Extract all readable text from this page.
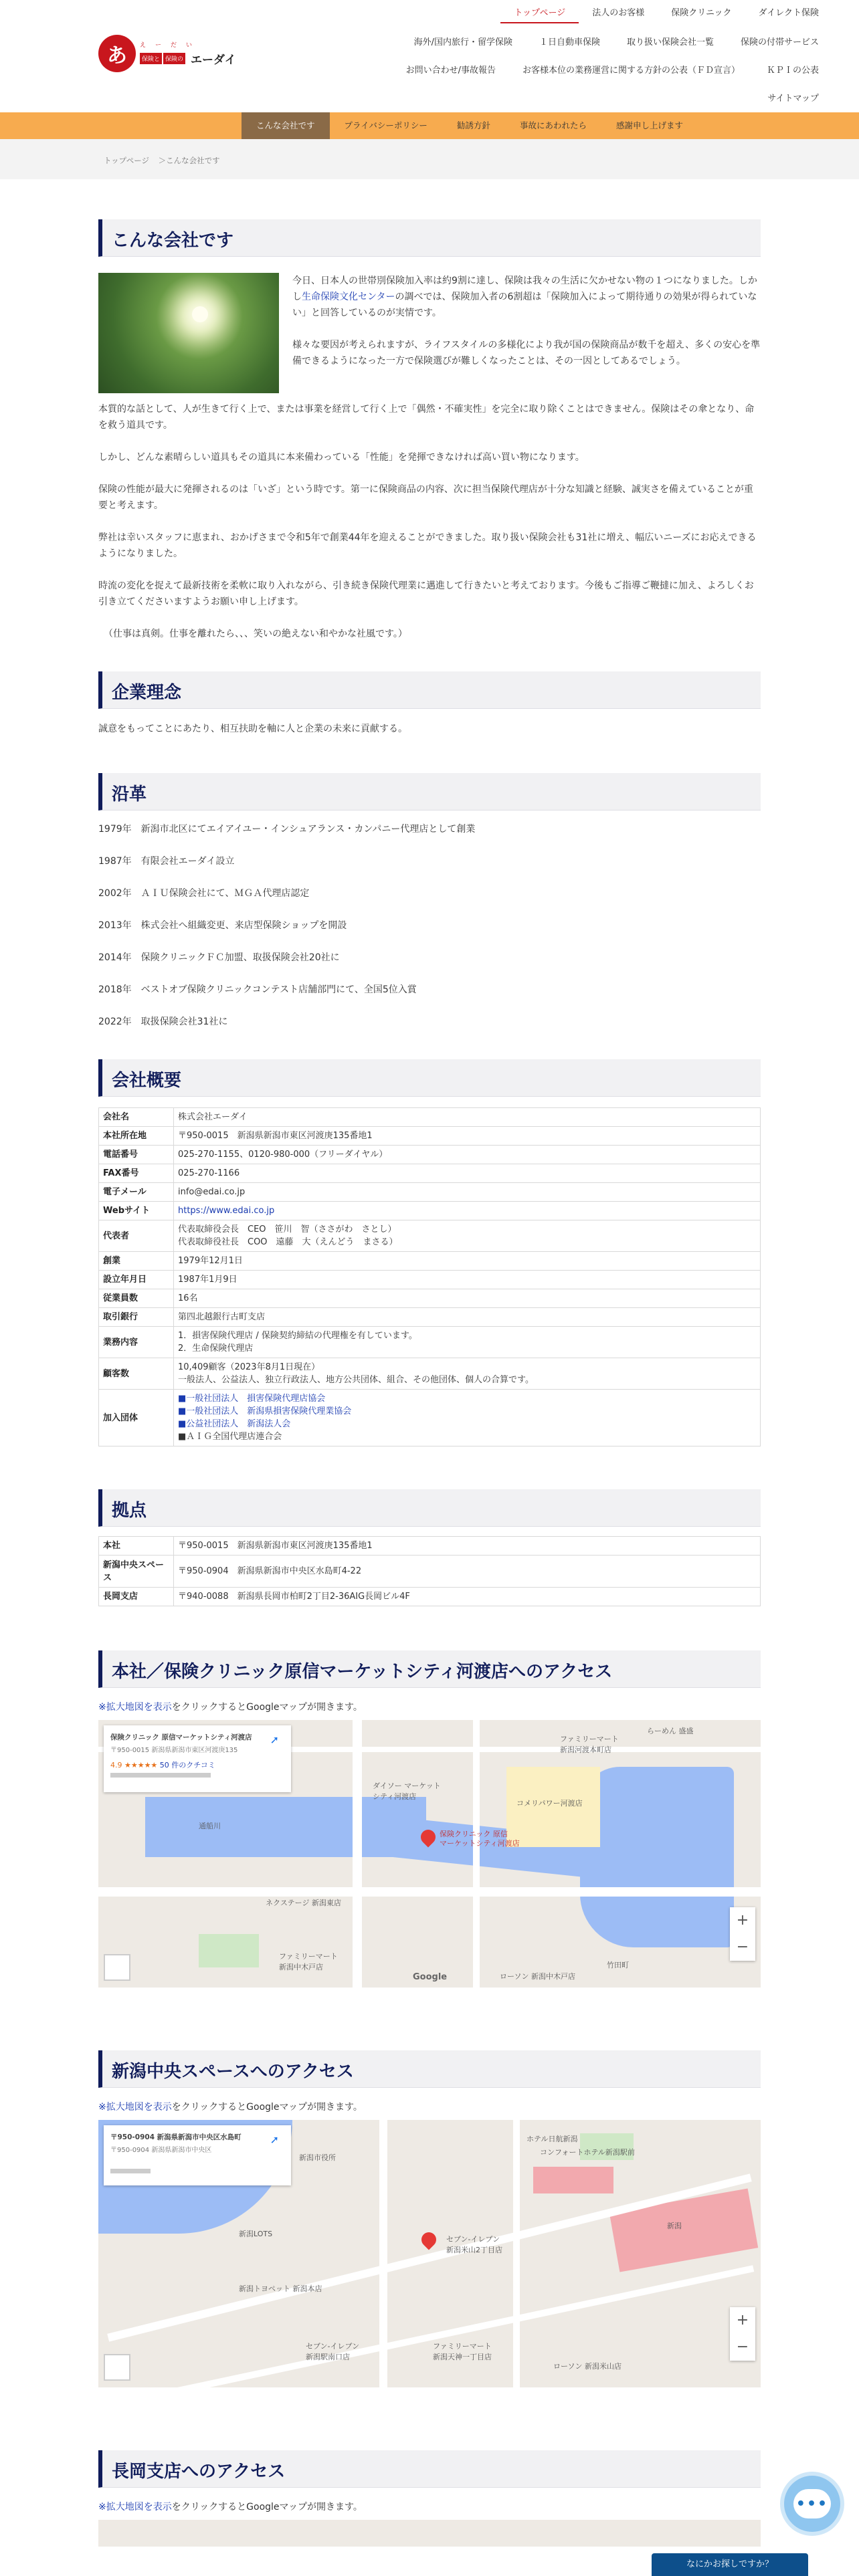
あ	えーだい
保険と 保険の エーダイ
トップページ	法人のお客様	保険クリニック	ダイレクト保険
海外/国内旅行・留学保険	１日自動車保険	取り扱い保険会社一覧	保険の付帯サービス
お問い合わせ/事故報告	お客様本位の業務運営に関する方針の公表（ＦＤ宣言）	ＫＰＩの公表
サイトマップ
こんな会社です	プライバシーポリシー	勧誘方針	事故にあわれたら	感謝申し上げます
トップページ ＞こんな会社です
こんな会社です

今日、日本人の世帯別保険加入率は約9割に達し、保険は我々の生活に欠かせない物の１つになりました。しかし生命保険文化センターの調べでは、保険加入者の6割超は「保険加入によって期待通りの効果が得られていない」と回答しているのが実情です。

様々な要因が考えられますが、ライフスタイルの多様化により我が国の保険商品が数千を超え、多くの安心を準備できるようになった一方で保険選びが難しくなったことは、その一因としてあるでしょう。

本質的な話として、人が生きて行く上で、または事業を経営して行く上で「偶然・不確実性」を完全に取り除くことはできません。保険はその傘となり、命を救う道具です。

しかし、どんな素晴らしい道具もその道具に本来備わっている「性能」を発揮できなければ高い買い物になります。

保険の性能が最大に発揮されるのは「いざ」という時です。第一に保険商品の内容、次に担当保険代理店が十分な知識と経験、誠実さを備えていることが重要と考えます。

弊社は幸いスタッフに恵まれ、おかげさまで令和5年で創業44年を迎えることができました。取り扱い保険会社も31社に増え、幅広いニーズにお応えできるようになりました。

時流の変化を捉えて最新技術を柔軟に取り入れながら、引き続き保険代理業に邁進して行きたいと考えております。今後もご指導ご鞭撻に加え、よろしくお引き立てくださいますようお願い申し上げます。

（仕事は真剣。仕事を離れたら、、、笑いの絶えない和やかな社風です。）

企業理念

誠意をもってことにあたり、相互扶助を軸に人と企業の未来に貢献する。

沿革
1979年　新潟市北区にてエイアイユー・インシュアランス・カンパニー代理店として創業
1987年　有限会社エーダイ設立
2002年　ＡＩＵ保険会社にて、ＭＧＡ代理店認定
2013年　株式会社へ組織変更、来店型保険ショップを開設
2014年　保険クリニックＦＣ加盟、取扱保険会社20社に
2018年　ベストオブ保険クリニックコンテスト店舗部門にて、全国5位入賞
2022年　取扱保険会社31社に
会社概要
会社名	株式会社エーダイ
本社所在地	〒950-0015　新潟県新潟市東区河渡庚135番地1
電話番号	025-270-1155、0120-980-000（フリーダイヤル）
FAX番号	025-270-1166
電子メール	info@edai.co.jp
Webサイト	https://www.edai.co.jp
代表者	代表取締役会長　CEO　笹川　智（ささがわ　さとし）
代表取締役社長　COO　遠藤　大（えんどう　まさる）

創業	1979年12月1日
設立年月日	1987年1月9日
従業員数	16名
取引銀行	第四北越銀行古町支店
業務内容	1．損害保険代理店 / 保険契約締結の代理権を有しています。
2．生命保険代理店

顧客数	10,409顧客（2023年8月1日現在）
一般法人、公益法人、独立行政法人、地方公共団体、組合、その他団体、個人の合算です。

加入団体	■一般社団法人　損害保険代理店協会
■一般社団法人　新潟県損害保険代理業協会
■公益社団法人　新潟法人会
■ＡＩＧ全国代理店連合会
拠点
本社	〒950-0015　新潟県新潟市東区河渡庚135番地1
新潟中央スペース	〒950-0904　新潟県新潟市中央区水島町4-22
長岡支店	〒940-0088　新潟県長岡市柏町2丁目2-36AIG長岡ビル4F
本社／保険クリニック原信マーケットシティ河渡店へのアクセス
※拡大地図を表示をクリックするとGoogleマップが開きます。
保険クリニック 原信
マーケットシティ河渡店
らーめん 盛盛
ファミリーマート
新潟河渡本町店
ダイソー マーケット
シティ河渡店
コメリパワー河渡店
通船川
ネクステージ 新潟東店
ファミリーマート
新潟中木戸店
ローソン 新潟中木戸店
竹田町
保険クリニック 原信マーケットシティ河渡店
〒950-0015 新潟県新潟市東区河渡庚135
4.9 ★★★★★ 50 件のクチコミ
➚
+
−
Google
新潟中央スペースへのアクセス
※拡大地図を表示をクリックするとGoogleマップが開きます。
新潟市役所
新潟LOTS
新潟トヨペット 新潟本店
セブン-イレブン
新潟米山2丁目店
ファミリーマート
新潟天神一丁目店
新潟
ローソン 新潟米山店
セブン-イレブン
新潟駅南口店
コンフォートホテル新潟駅前
ホテル日航新潟
〒950-0904 新潟県新潟市中央区水島町
〒950-0904 新潟県新潟市中央区
➚
+
−
長岡支店へのアクセス
※拡大地図を表示をクリックするとGoogleマップが開きます。	•••
なにかお探しですか？
